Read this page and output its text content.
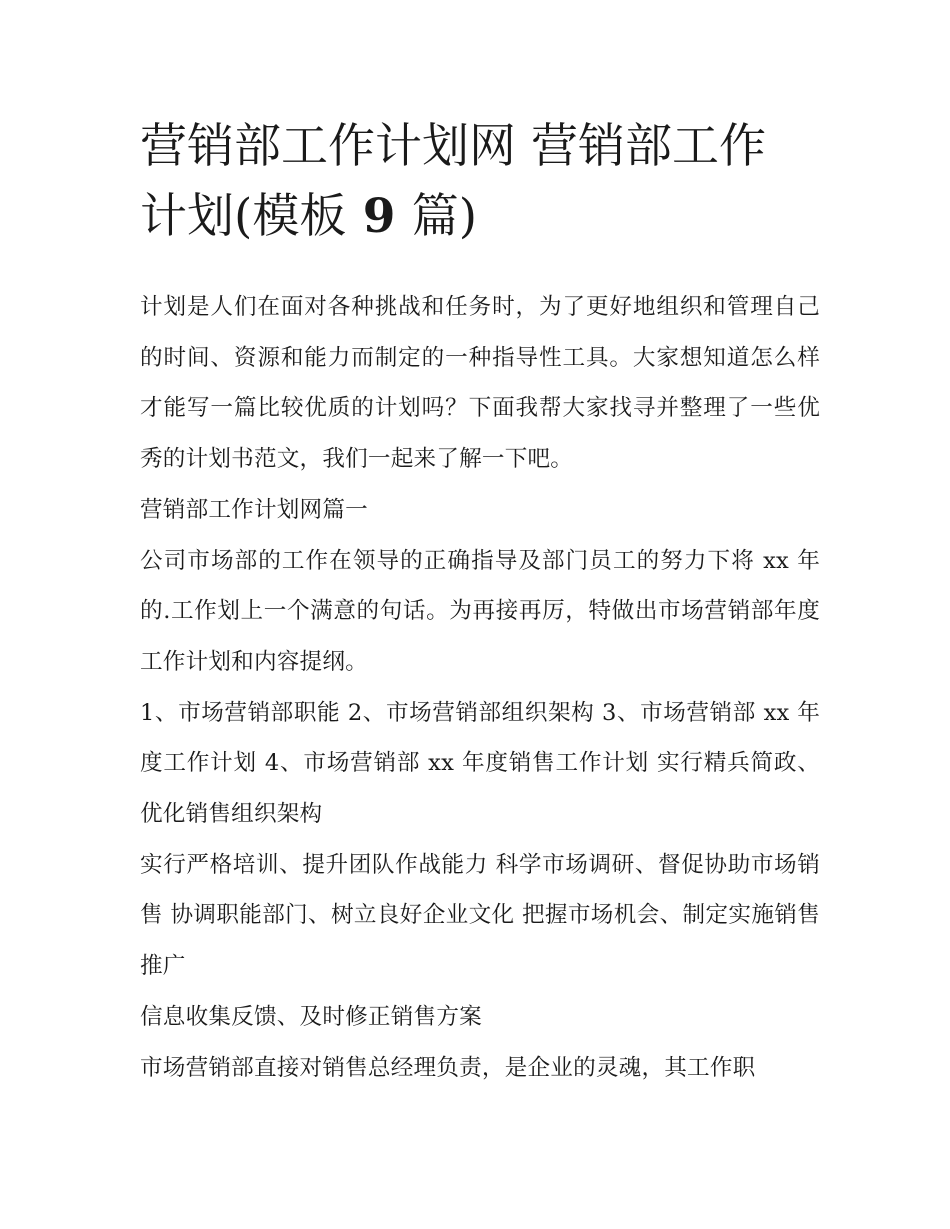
营销部工作计划网 营销部工作
计划(模板 9 篇)

计划是人们在面对各种挑战和任务时，为了更好地组织和管理自己的时间、资源和能力而制定的一种指导性工具。大家想知道怎么样才能写一篇比较优质的计划吗？下面我帮大家找寻并整理了一些优秀的计划书范文，我们一起来了解一下吧。

营销部工作计划网篇一

公司市场部的工作在领导的正确指导及部门员工的努力下将 xx 年的.工作划上一个满意的句话。为再接再厉，特做出市场营销部年度工作计划和内容提纲。

1、市场营销部职能 2、市场营销部组织架构 3、市场营销部 xx 年度工作计划 4、市场营销部 xx 年度销售工作计划 实行精兵简政、优化销售组织架构

实行严格培训、提升团队作战能力 科学市场调研、督促协助市场销售 协调职能部门、树立良好企业文化 把握市场机会、制定实施销售推广

信息收集反馈、及时修正销售方案

市场营销部直接对销售总经理负责，是企业的灵魂，其工作职
